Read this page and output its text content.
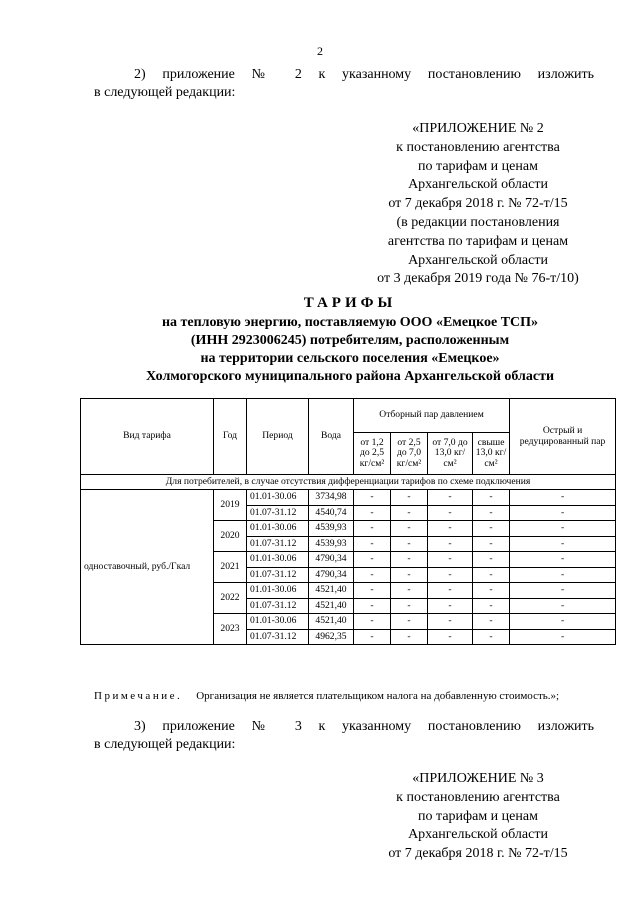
2
2) приложение № 2 к указанному постановлению изложить
в следующей редакции:
«ПРИЛОЖЕНИЕ № 2
к постановлению агентства
по тарифам и ценам
Архангельской области
от 7 декабря 2018 г. № 72-т/15
(в редакции постановления
агентства по тарифам и ценам
Архангельской области
от 3 декабря 2019 года № 76-т/10)
ТАРИФЫ
на тепловую энергию, поставляемую ООО «Емецкое ТСП»
(ИНН 2923006245) потребителям, расположенным
на территории сельского поселения «Емецкое»
Холмогорского муниципального района Архангельской области
Вид тарифа	Год	Период	Вода	Отборный пар давлением				Острый и редуцированный пар
				от 1,2 до 2,5 кг/см²	от 2,5 до 7,0 кг/см²	от 7,0 до 13,0 кг/см²	свыше 13,0 кг/см²	
Для потребителей, в случае отсутствия дифференциации тарифов по схеме подключения								
одноставочный, руб./Гкал	2019	01.01-30.06	3734,98	-	-	-	-	-
		01.07-31.12	4540,74	-	-	-	-	-
	2020	01.01-30.06	4539,93	-	-	-	-	-
		01.07-31.12	4539,93	-	-	-	-	-
	2021	01.01-30.06	4790,34	-	-	-	-	-
		01.07-31.12	4790,34	-	-	-	-	-
	2022	01.01-30.06	4521,40	-	-	-	-	-
		01.07-31.12	4521,40	-	-	-	-	-
	2023	01.01-30.06	4521,40	-	-	-	-	-
		01.07-31.12	4962,35	-	-	-	-	-
Примечание. Организация не является плательщиком налога на добавленную стоимость.»;
3) приложение № 3 к указанному постановлению изложить
в следующей редакции:
«ПРИЛОЖЕНИЕ № 3
к постановлению агентства
по тарифам и ценам
Архангельской области
от 7 декабря 2018 г. № 72-т/15
